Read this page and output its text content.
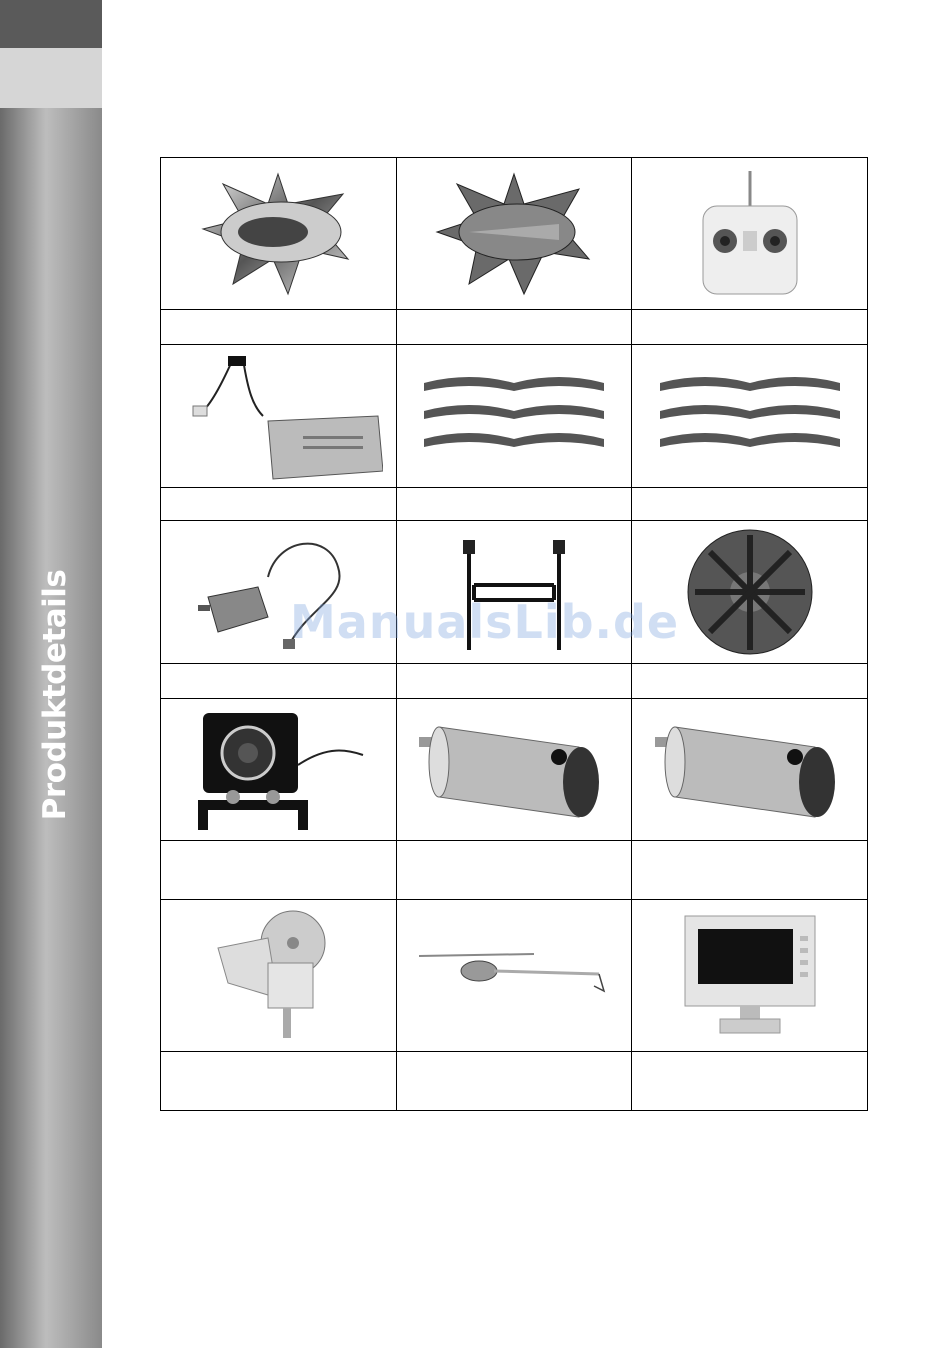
Produktdetails

			ManualsLib.de
